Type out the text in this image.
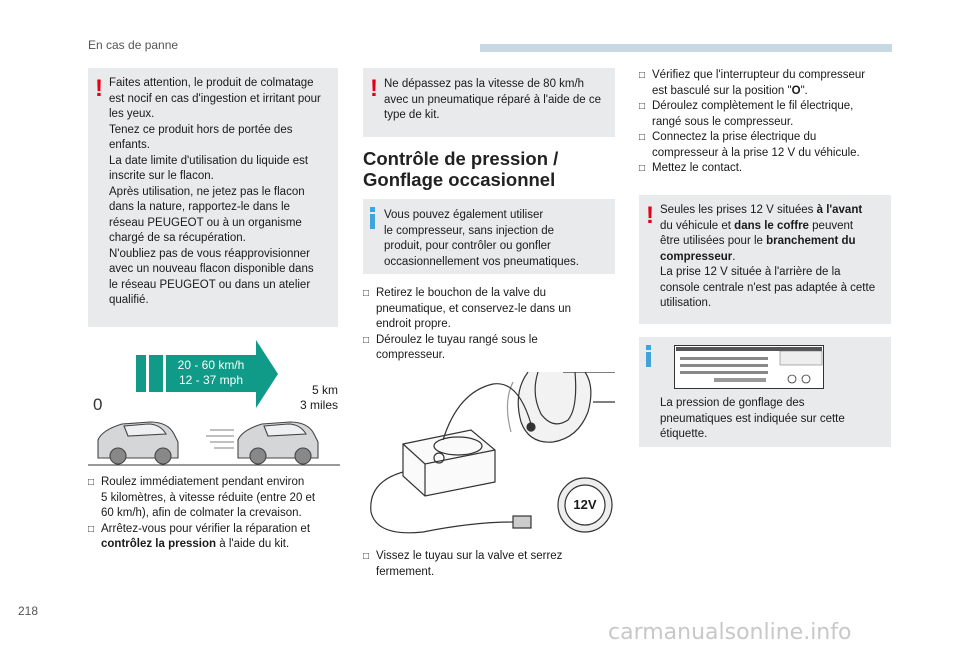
En cas de panne
! Faites attention, le produit de colmatage

est nocif en cas d'ingestion et irritant pour

les yeux.

Tenez ce produit hors de portée des

enfants.

La date limite d'utilisation du liquide est

inscrite sur le flacon.

Après utilisation, ne jetez pas le flacon

dans la nature, rapportez-le dans le

réseau PEUGEOT ou à un organisme

chargé de sa récupération.

N'oubliez pas de vous réapprovisionner

avec un nouveau flacon disponible dans

le réseau PEUGEOT ou dans un atelier

qualifié.

20 - 60 km/h
12 - 37 mph
0
5 km
3 miles
□ Roulez immédiatement pendant environ
5 kilomètres, à vitesse réduite (entre 20 et
60 km/h), afin de colmater la crevaison.
□ Arrêtez-vous pour vérifier la réparation et
contrôlez la pression à l'aide du kit.
! Ne dépassez pas la vitesse de 80 km/h

avec un pneumatique réparé à l'aide de ce

type de kit.

Contrôle de pression /
Gonflage occasionnel

Vous pouvez également utiliser

le compresseur, sans injection de

produit, pour contrôler ou gonfler

occasionnellement vos pneumatiques.

□ Retirez le bouchon de la valve du
pneumatique, et conservez-le dans un
endroit propre.
□ Déroulez le tuyau rangé sous le
compresseur.
12V
□ Vissez le tuyau sur la valve et serrez
fermement.
□ Vérifiez que l'interrupteur du compresseur
est basculé sur la position "O".
□ Déroulez complètement le fil électrique,
rangé sous le compresseur.
□ Connectez la prise électrique du
compresseur à la prise 12 V du véhicule.
□ Mettez le contact.
! Seules les prises 12 V situées à l'avant

du véhicule et dans le coffre peuvent

être utilisées pour le branchement du

compresseur.

La prise 12 V située à l'arrière de la

console centrale n'est pas adaptée à cette

utilisation.

La pression de gonflage des

pneumatiques est indiquée sur cette

étiquette.

218
carmanualsonline.info
